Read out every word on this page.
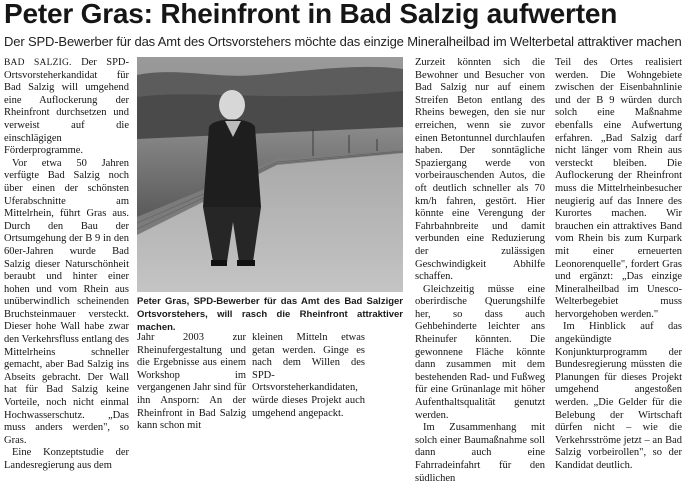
Peter Gras: Rheinfront in Bad Salzig aufwerten
Der SPD-Bewerber für das Amt des Ortsvorstehers möchte das einzige Mineralheilbad im Welterbetal attraktiver machen

BAD SALZIG. Der SPD-Ortsvorsteherkandidat für Bad Salzig will umgehend eine Auflockerung der Rheinfront durchsetzen und verweist auf die einschlägigen Förderprogramme.

Vor etwa 50 Jahren verfügte Bad Salzig noch über einen der schönsten Uferabschnitte am Mittelrhein, führt Gras aus. Durch den Bau der Ortsumgehung der B 9 in den 60er-Jahren wurde Bad Salzig dieser Naturschönheit beraubt und hinter einer hohen und vom Rhein aus unüberwindlich scheinenden Bruchsteinmauer versteckt. Dieser hohe Wall habe zwar den Verkehrsfluss entlang des Mittelrheins schneller gemacht, aber Bad Salzig ins Abseits gebracht. Der Wall hat für Bad Salzig keine Vorteile, noch nicht einmal Hochwasserschutz. „Das muss anders werden", so Gras.

Eine Konzeptstudie der Landesregierung aus dem

Peter Gras, SPD-Bewerber für das Amt des Bad Salziger Ortsvorstehers, will rasch die Rheinfront attraktiver machen.

Jahr 2003 zur Rheinufergestaltung und die Ergebnisse aus einem Workshop im vergangenen Jahr sind für ihn Ansporn: An der Rheinfront in Bad Salzig kann schon mit

kleinen Mitteln etwas getan werden. Ginge es nach dem Willen des SPD-Ortsvorsteherkandidaten, würde dieses Projekt auch umgehend angepackt.

Zurzeit könnten sich die Bewohner und Besucher von Bad Salzig nur auf einem Streifen Beton entlang des Rheins bewegen, den sie nur erreichen, wenn sie zuvor einen Betontunnel durchlaufen haben. Der sonntägliche Spaziergang werde von vorbeirauschenden Autos, die oft deutlich schneller als 70 km/h fahren, gestört. Hier könnte eine Verengung der Fahrbahnbreite und damit verbunden eine Reduzierung der zulässigen Geschwindigkeit Abhilfe schaffen.

Gleichzeitig müsse eine oberirdische Querungshilfe her, so dass auch Gehbehinderte leichter ans Rheinufer könnten. Die gewonnene Fläche könnte dann zusammen mit dem bestehenden Rad- und Fußweg für eine Grünanlage mit höher Aufenthaltsqualität genutzt werden.

Im Zusammenhang mit solch einer Baumaßnahme soll dann auch eine Fahrradeinfahrt für den südlichen

Teil des Ortes realisiert werden. Die Wohngebiete zwischen der Eisenbahnlinie und der B 9 würden durch solch eine Maßnahme ebenfalls eine Aufwertung erfahren. „Bad Salzig darf nicht länger vom Rhein aus versteckt bleiben. Die Auflockerung der Rheinfront muss die Mittelrheinbesucher neugierig auf das Innere des Kurortes machen. Wir brauchen ein attraktives Band vom Rhein bis zum Kurpark mit einer erneuerten Leonorenquelle", fordert Gras und ergänzt: „Das einzige Mineralheilbad im Unesco-Welterbegebiet muss hervorgehoben werden."

Im Hinblick auf das angekündigte Konjunkturprogramm der Bundesregierung müssten die Planungen für dieses Projekt umgehend angestoßen werden. „Die Gelder für die Belebung der Wirtschaft dürfen nicht – wie die Verkehrsströme jetzt – an Bad Salzig vorbeirollen", so der Kandidat deutlich.
